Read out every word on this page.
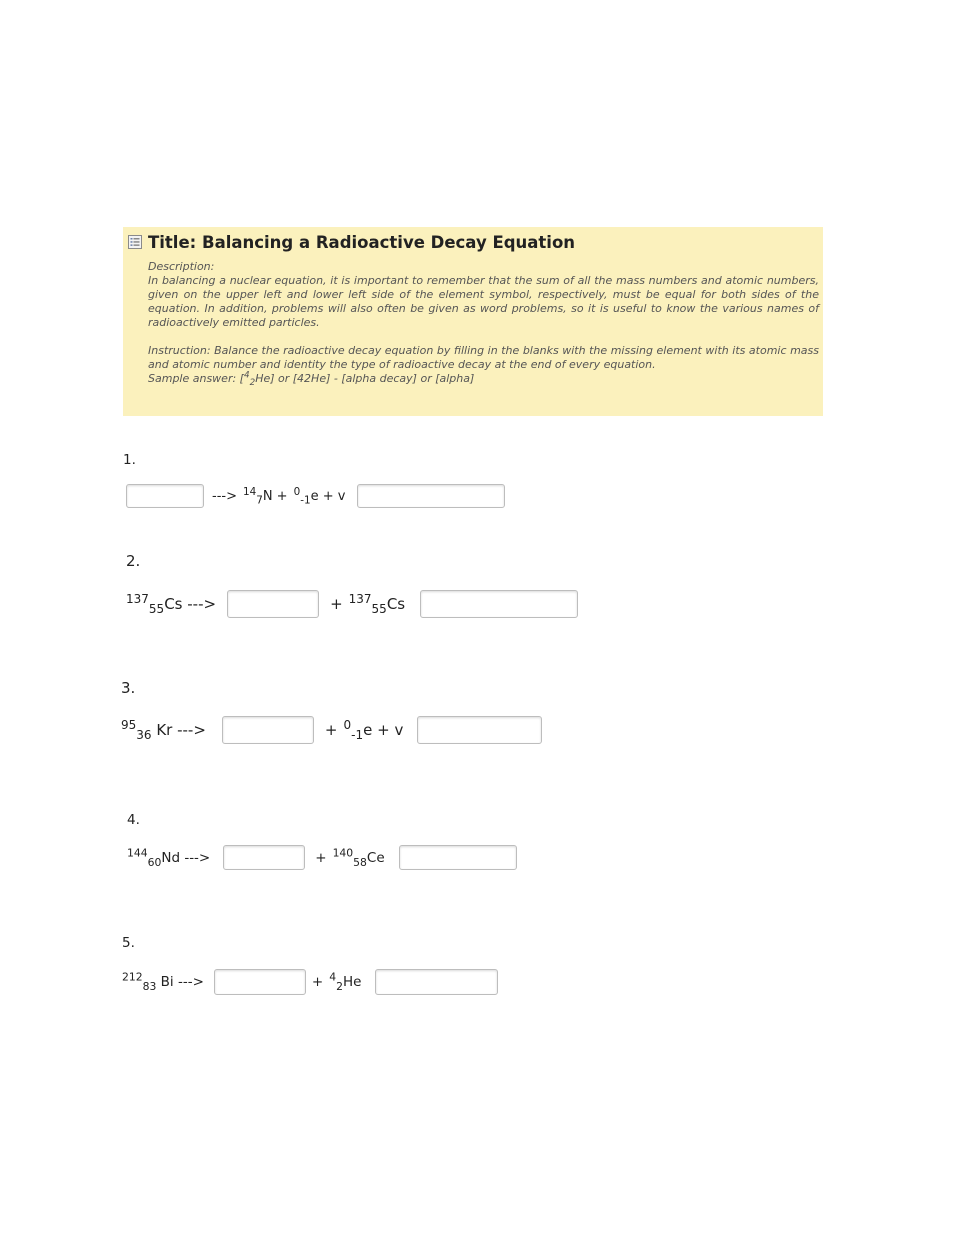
Title: Balancing a Radioactive Decay Equation

Description:

In balancing a nuclear equation, it is important to remember that the sum of all the mass numbers and atomic numbers, given on the upper left and lower left side of the element symbol, respectively, must be equal for both sides of the equation. In addition, problems will also often be given as word problems, so it is useful to know the various names of radioactively emitted particles.

Instruction: Balance the radioactive decay equation by filling in the blanks with the missing element with its atomic mass and atomic number and identity the type of radioactive decay at the end of every equation.

Sample answer: [$^4_2$He] or [42He] - [alpha decay] or [alpha]

1.
---> $^{14}_7$N + $^0_{-1}$e + v
2.
$^{137}_{55}$Cs --->	+ $^{137}_{55}$Cs
3.
$^{95}_{36}$ Kr --->	+ $^0_{-1}$e + v
4.
$^{144}_{60}$Nd --->	+ $^{140}_{58}$Ce
5.
$^{212}_{83}$ Bi --->	+ $^4_2$He
